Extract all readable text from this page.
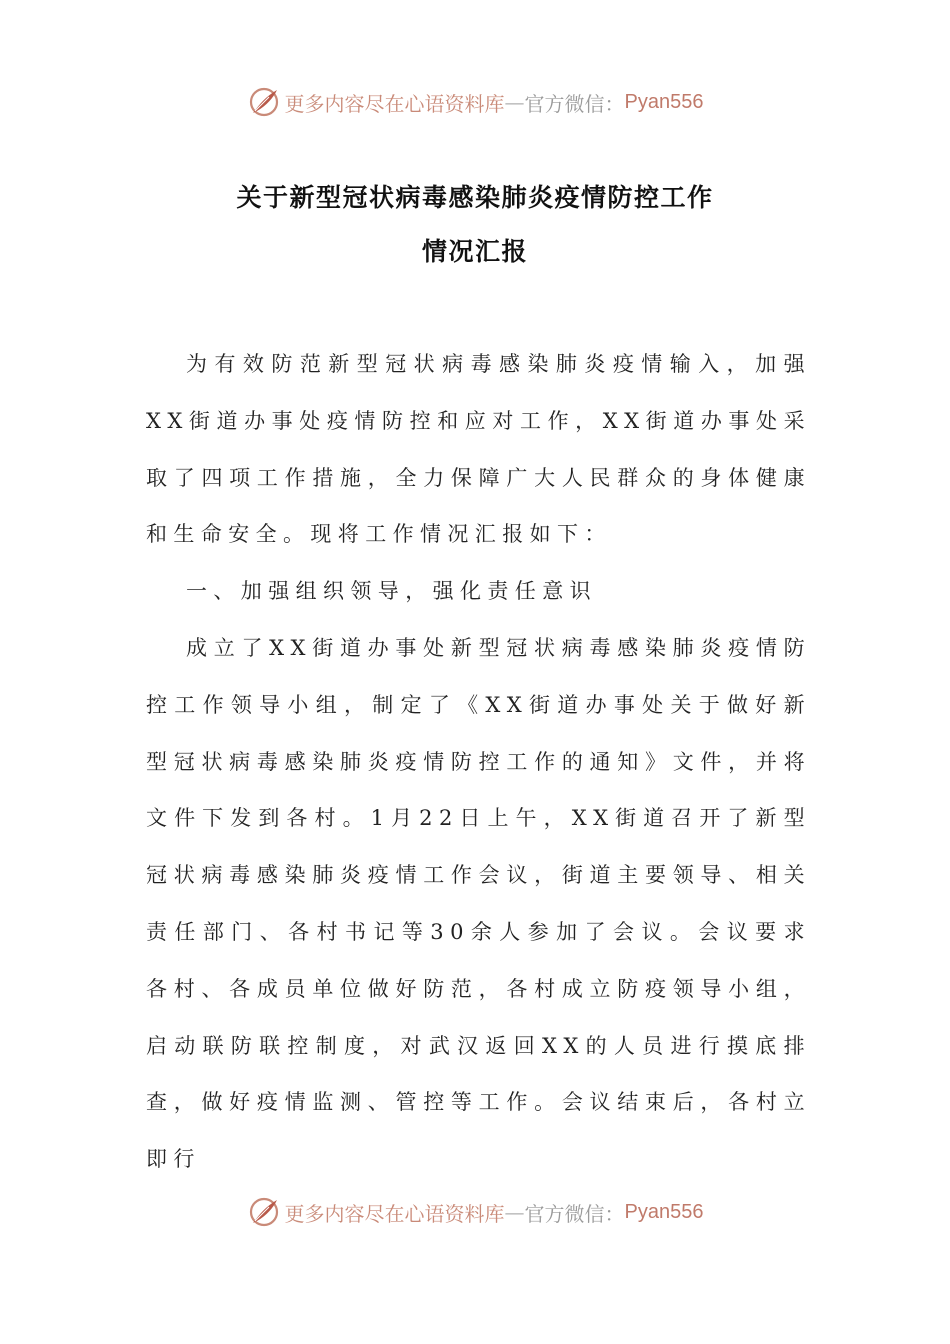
更多内容尽在心语资料库 — 官方微信： Pyan556
关于新型冠状病毒感染肺炎疫情防控工作
情况汇报

为有效防范新型冠状病毒感染肺炎疫情输入，加强XX街道办事处疫情防控和应对工作，XX街道办事处采取了四项工作措施，全力保障广大人民群众的身体健康和生命安全。现将工作情况汇报如下：

一、加强组织领导，强化责任意识

成立了XX街道办事处新型冠状病毒感染肺炎疫情防控工作领导小组，制定了《XX街道办事处关于做好新型冠状病毒感染肺炎疫情防控工作的通知》文件，并将文件下发到各村。1月22日上午，XX街道召开了新型冠状病毒感染肺炎疫情工作会议，街道主要领导、相关责任部门、各村书记等30余人参加了会议。会议要求各村、各成员单位做好防范，各村成立防疫领导小组，启动联防联控制度，对武汉返回XX的人员进行摸底排查，做好疫情监测、管控等工作。会议结束后，各村立即行

更多内容尽在心语资料库 — 官方微信： Pyan556
